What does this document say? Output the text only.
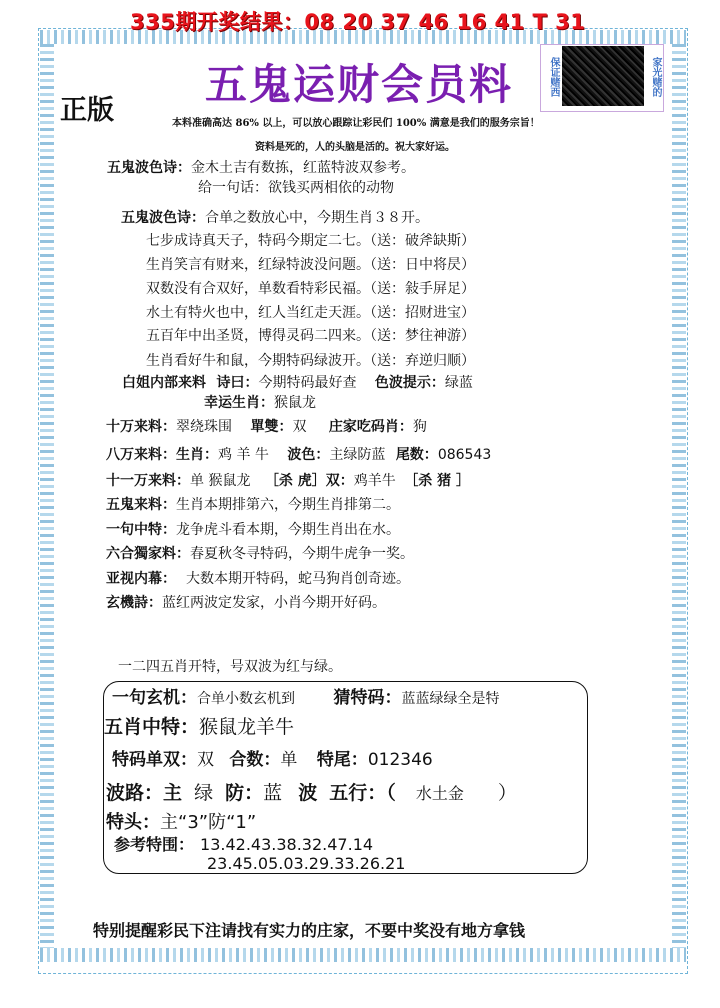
335期开奖结果：08 20 37 46 16 41 T 31
五鬼运财会员料
正版
保证赌西	家光赌的
本料准确高达 86% 以上，可以放心跟踪让彩民们 100% 满意是我们的服务宗旨！
资料是死的，人的头脑是活的。祝大家好运。
五鬼波色诗：金木土吉有数拣，红蓝特波双参考。
给一句话：欲钱买两相依的动物
五鬼波色诗：合单之数放心中，今期生肖３８开。
七步成诗真天子，特码今期定二七。（送：破斧缺斯）
生肖笑言有财来，红绿特波没问题。（送：日中将昃）
双数没有合双好，单数看特彩民福。（送：敍手屏足）
水土有特火也中，红人当红走天涯。（送：招财进宝）
五百年中出圣贤，博得灵码二四来。（送：梦往神游）
生肖看好牛和鼠，今期特码绿波开。（送：弃逆归顺）
白姐内部来料 诗曰：今期特码最好查 色波提示：绿蓝
幸运生肖：猴鼠龙
十万来料：翠绕珠围 單雙：双 庄家吃码肖：狗
八万来料：生肖：鸡 羊 牛 波色：主绿防蓝 尾数：086543
十一万来料：单 猴鼠龙 ［杀 虎］双：鸡羊牛 ［杀 猪 ］
五鬼来料：生肖本期排第六，今期生肖排第二。
一句中特：龙争虎斗看本期，今期生肖出在水。
六合獨家料：春夏秋冬寻特码，今期牛虎争一奖。
亚视内幕： 大数本期开特码，蛇马狗肖创奇迹。
玄機詩：蓝红两波定发家，小肖今期开好码。
一二四五肖开特，号双波为红与绿。
一句玄机：合单小数玄机到 猜特码：蓝蓝绿绿全是特
五肖中特：猴鼠龙羊牛
特码单双：双 合数：单 特尾：012346
波路：主 绿 防：蓝 波 五行：（ 水土金 ）
特头：主“3”防“1”
参考特围： 13.42.43.38.32.47.14
23.45.05.03.29.33.26.21
特别提醒彩民下注请找有实力的庄家，不要中奖没有地方拿钱
